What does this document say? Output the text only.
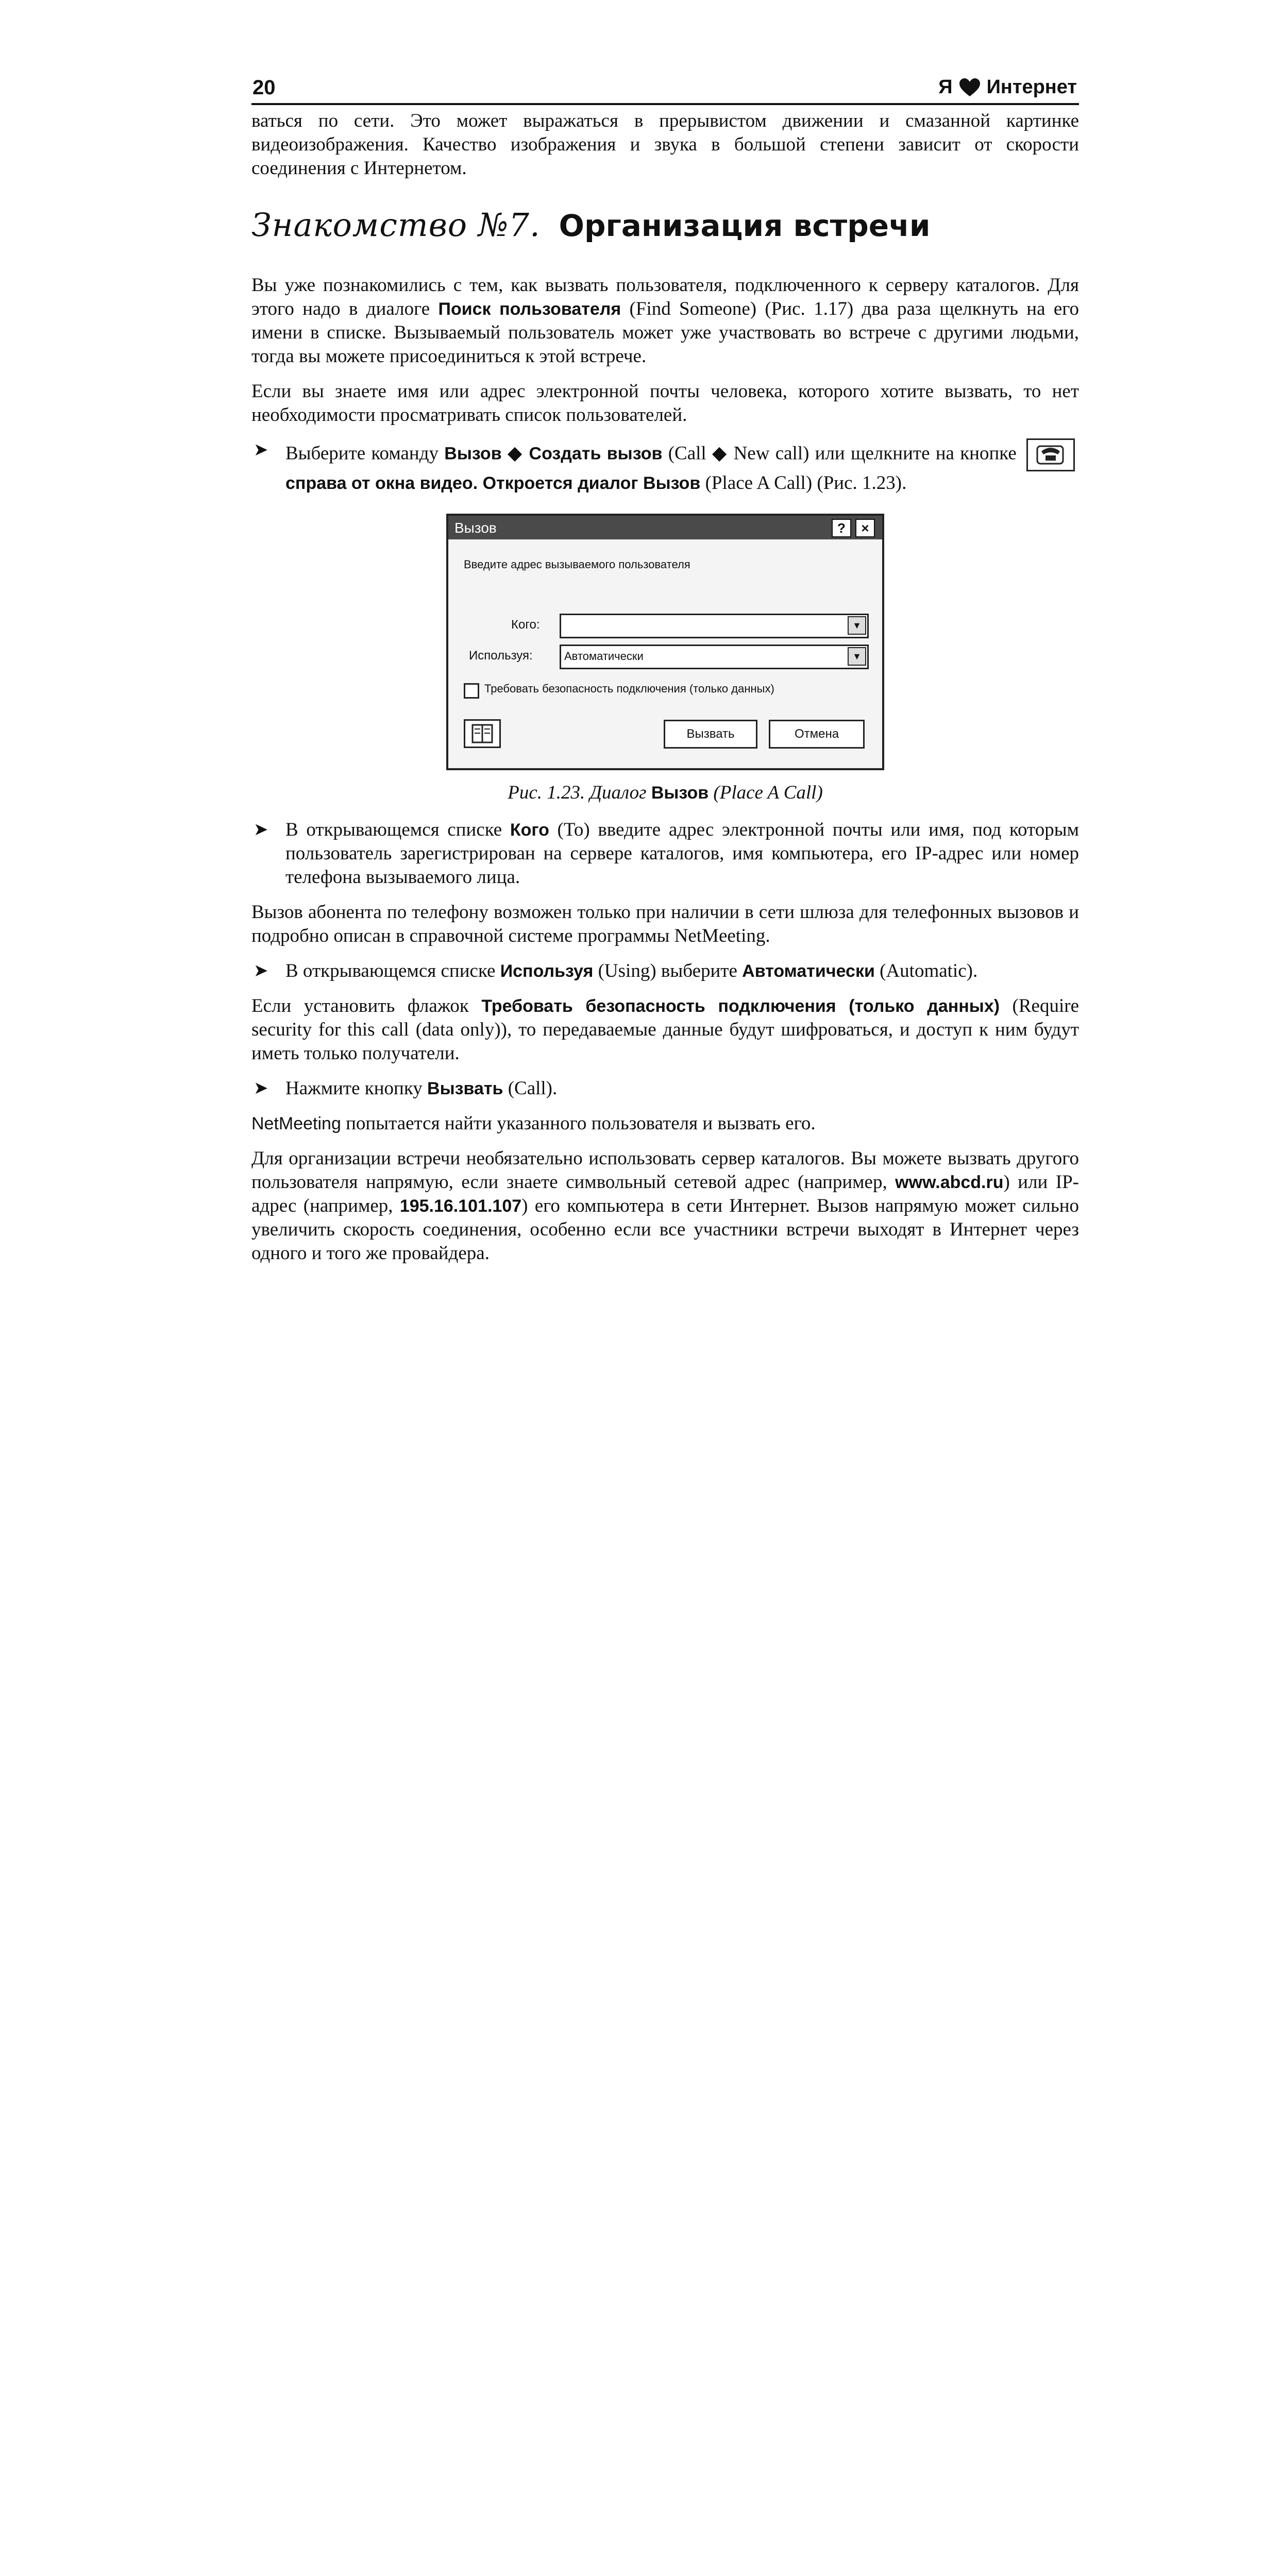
20	Я Интернет

ваться по сети. Это может выражаться в прерывистом движении и смазанной картинке видеоизображения. Качество изображения и звука в большой степени зависит от скорости соединения с Интернетом.

Знакомство №7. Организация встречи

Вы уже познакомились с тем, как вызвать пользователя, подключенного к серверу каталогов. Для этого надо в диалоге Поиск пользователя (Find Someone) (Рис. 1.17) два раза щелкнуть на его имени в списке. Вызываемый пользователь может уже участвовать во встрече с другими людьми, тогда вы можете присоединиться к этой встрече.

Если вы знаете имя или адрес электронной почты человека, которого хотите вызвать, то нет необходимости просматривать список пользователей.

➤ Выберите команду Вызов ◆ Создать вызов (Call ◆ New call) или щелкните на кнопке  справа от окна видео. Откроется диалог Вызов (Place A Call) (Рис. 1.23).

Вызов	?	×
Введите адрес вызываемого пользователя
Кого:	▼
Используя:	Автоматически	▼
Требовать безопасность подключения (только данных)
Вызвать	Отмена
Рис. 1.23. Диалог Вызов (Place A Call)
➤ В открывающемся списке Кого (To) введите адрес электронной почты или имя, под которым пользователь зарегистрирован на сервере каталогов, имя компьютера, его IP-адрес или номер телефона вызываемого лица.

Вызов абонента по телефону возможен только при наличии в сети шлюза для телефонных вызовов и подробно описан в справочной системе программы NetMeeting.

➤ В открывающемся списке Используя (Using) выберите Автоматически (Automatic).

Если установить флажок Требовать безопасность подключения (только данных) (Require security for this call (data only)), то передаваемые данные будут шифроваться, и доступ к ним будут иметь только получатели.

➤ Нажмите кнопку Вызвать (Call).

NetMeeting попытается найти указанного пользователя и вызвать его.

Для организации встречи необязательно использовать сервер каталогов. Вы можете вызвать другого пользователя напрямую, если знаете символьный сетевой адрес (например, www.abcd.ru) или IP-адрес (например, 195.16.101.107) его компьютера в сети Интернет. Вызов напрямую может сильно увеличить скорость соединения, особенно если все участники встречи выходят в Интернет через одного и того же провайдера.
